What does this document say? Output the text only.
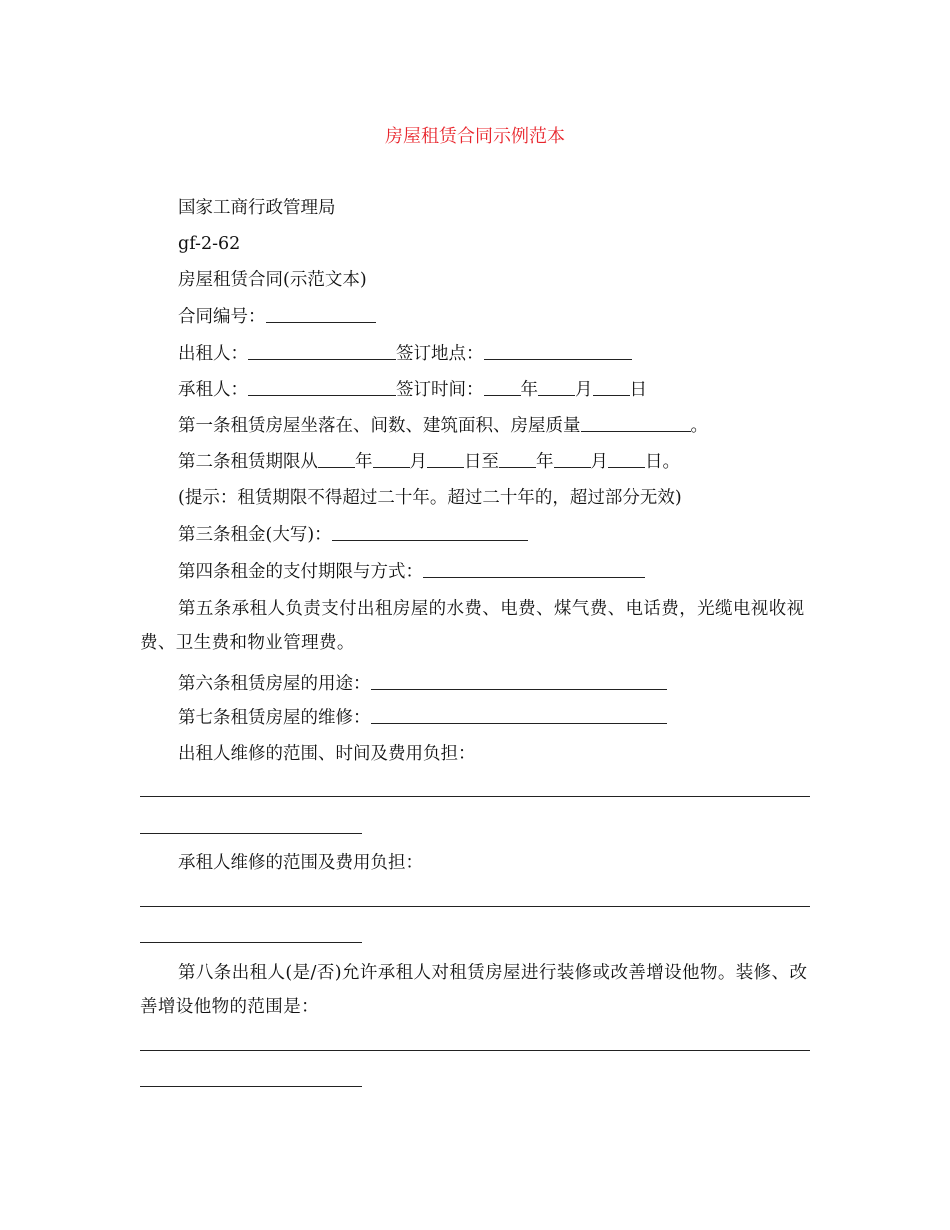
房屋租赁合同示例范本
国家工商行政管理局
gf-2-62
房屋租赁合同(示范文本)
合同编号：
出租人：	签订地点：
承租人：	签订时间： 年 月 日
第一条租赁房屋坐落在、间数、建筑面积、房屋质量	。
第二条租赁期限从 年 月 日至 年 月 日。
(提示：租赁期限不得超过二十年。超过二十年的，超过部分无效)
第三条租金(大写)：
第四条租金的支付期限与方式：
第五条承租人负责支付出租房屋的水费、电费、煤气费、电话费，光缆电视收视费、卫生费和物业管理费。
第六条租赁房屋的用途：
第七条租赁房屋的维修：
出租人维修的范围、时间及费用负担：
承租人维修的范围及费用负担：
第八条出租人(是/否)允许承租人对租赁房屋进行装修或改善增设他物。装修、改善增设他物的范围是：
